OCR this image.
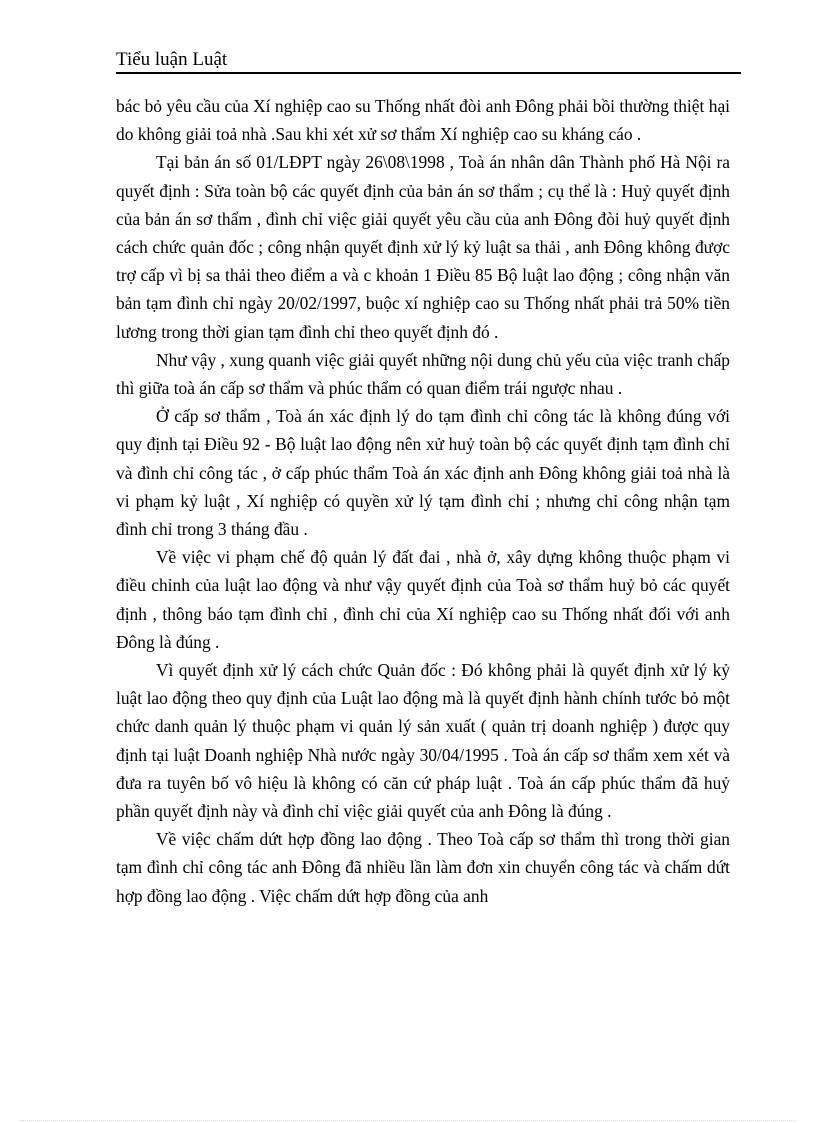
Tiểu luận Luật

bác bỏ yêu cầu của Xí nghiệp cao su Thống nhất đòi anh Đông phải bồi thường thiệt hại do không giải toả nhà .Sau khi xét xử sơ thẩm Xí nghiệp cao su kháng cáo .

Tại bản án số 01/LĐPT ngày 26\08\1998 , Toà án nhân dân Thành phố Hà Nội ra quyết định : Sửa toàn bộ các quyết định của bản án sơ thẩm ; cụ thể là : Huỷ quyết định của bản án sơ thẩm , đình chỉ việc giải quyết yêu cầu của anh Đông đòi huỷ quyết định cách chức quản đốc ; công nhận quyết định xử lý kỷ luật sa thải , anh Đông không được trợ cấp vì bị sa thải theo điểm a và c khoản 1 Điều 85 Bộ luật lao động ; công nhận văn bản tạm đình chỉ ngày 20/02/1997, buộc xí nghiệp cao su Thống nhất phải trả 50% tiền lương trong thời gian tạm đình chỉ theo quyết định đó .

Như vậy , xung quanh việc giải quyết những nội dung chủ yếu của việc tranh chấp thì giữa toà án cấp sơ thẩm và phúc thẩm có quan điểm trái ngược nhau .

Ở cấp sơ thẩm , Toà án xác định lý do tạm đình chỉ công tác là không đúng với quy định tại Điều 92 - Bộ luật lao động nên xử huỷ toàn bộ các quyết định tạm đình chỉ và đình chỉ công tác , ở cấp phúc thẩm Toà án xác định anh Đông không giải toả nhà là vi phạm kỷ luật , Xí nghiệp có quyền xử lý tạm đình chỉ ; nhưng chỉ công nhận tạm đình chỉ trong 3 tháng đầu .

Về việc vi phạm chế độ quản lý đất đai , nhà ở, xây dựng không thuộc phạm vi điều chỉnh của luật lao động và như vậy quyết định của Toà sơ thẩm huỷ bỏ các quyết định , thông báo tạm đình chỉ , đình chỉ của Xí nghiệp cao su Thống nhất đối với anh Đông là đúng .

Vì quyết định xử lý cách chức Quản đốc : Đó không phải là quyết định xử lý kỷ luật lao động theo quy định của Luật lao động mà là quyết định hành chính tước bỏ một chức danh quản lý thuộc phạm vi quản lý sản xuất ( quản trị doanh nghiệp ) được quy định tại luật Doanh nghiệp Nhà nước ngày 30/04/1995 . Toà án cấp sơ thẩm xem xét và đưa ra tuyên bố vô hiệu là không có căn cứ pháp luật . Toà án cấp phúc thẩm đã huỷ phần quyết định này và đình chỉ việc giải quyết của anh Đông là đúng .

Về việc chấm dứt hợp đồng lao động . Theo Toà cấp sơ thẩm thì trong thời gian tạm đình chỉ công tác anh Đông đã nhiều lần làm đơn xin chuyển công tác và chấm dứt hợp đồng lao động . Việc chấm dứt hợp đồng của anh
